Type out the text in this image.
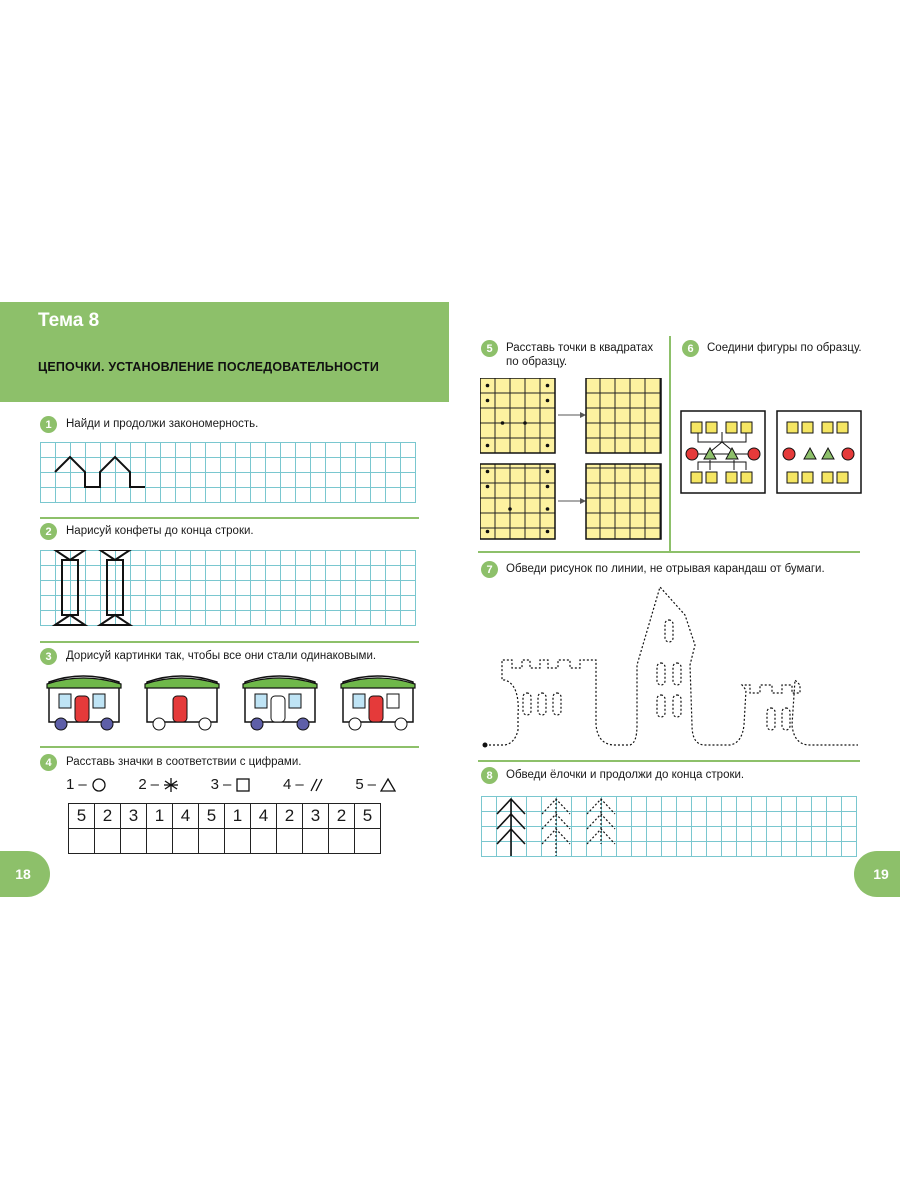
Тема 8
ЦЕПОЧКИ. УСТАНОВЛЕНИЕ ПОСЛЕДОВАТЕЛЬНОСТИ
1	Найди и продолжи закономерность.
2	Нарисуй конфеты до конца строки.
3	Дорисуй картинки так, чтобы все они стали одинаковыми.
4	Расставь значки в соответствии с цифрами.
1 –	2 –	3 –	4 –	5 –
5	2	3	1	4	5	1	4	2	3	2	5

18
5	Расставь точки в квадратах
по образцу.
6	Соедини фигуры по образцу.
7	Обведи рисунок по линии, не отрывая карандаш от бумаги.
8	Обведи ёлочки и продолжи до конца строки.
19
